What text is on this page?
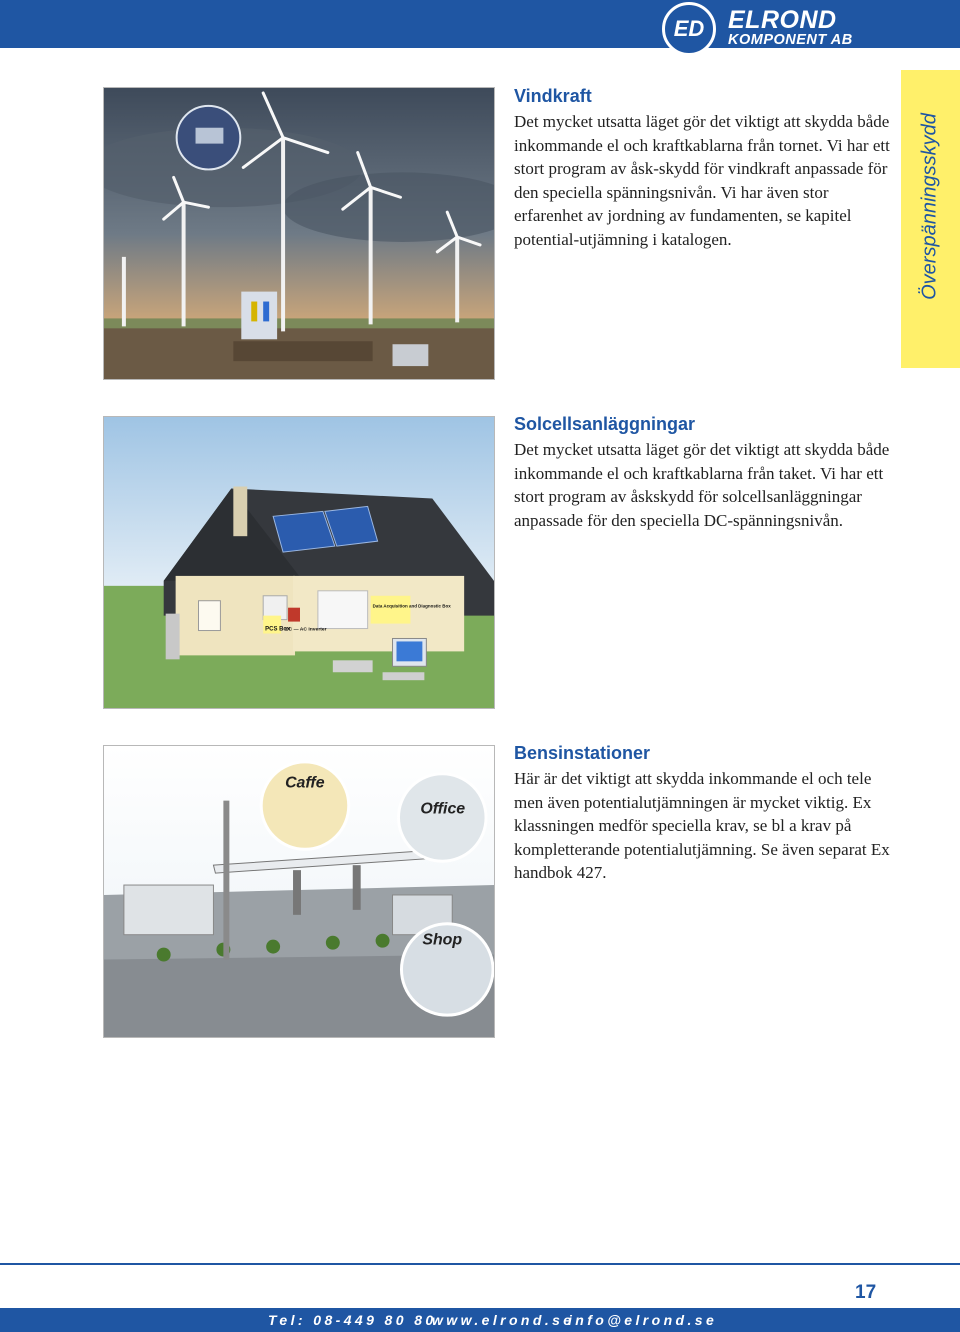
ED ELROND
KOMPONENT AB
Överspänningsskydd
Vindkraft

Det mycket utsatta läget gör det viktigt att skydda både inkommande el och kraftkablarna från tornet. Vi har ett stort program av åsk-skydd för vindkraft anpassade för den speciella spänningsnivån. Vi har även stor erfarenhet av jordning av fundamenten, se kapitel potential-utjämning i katalogen.

PCS Box
DC — AC Inverter
Data Acquisition and Diagnostic Box
Solcellsanläggningar

Det mycket utsatta läget gör det viktigt att skydda både inkommande el och kraftkablarna från taket. Vi har ett stort program av åskskydd för solcellsanläggningar anpassade för den speciella DC-spänningsnivån.

Caffe
Office
Shop
Bensinstationer

Här är det viktigt att skydda inkommande el och tele men även potentialutjämningen är mycket viktig. Ex klassningen medför speciella krav, se bl a krav på kompletterande potentialutjämning. Se även separat Ex handbok 427.

17
Tel: 08-449 80 80
www.elrond.se
info@elrond.se
